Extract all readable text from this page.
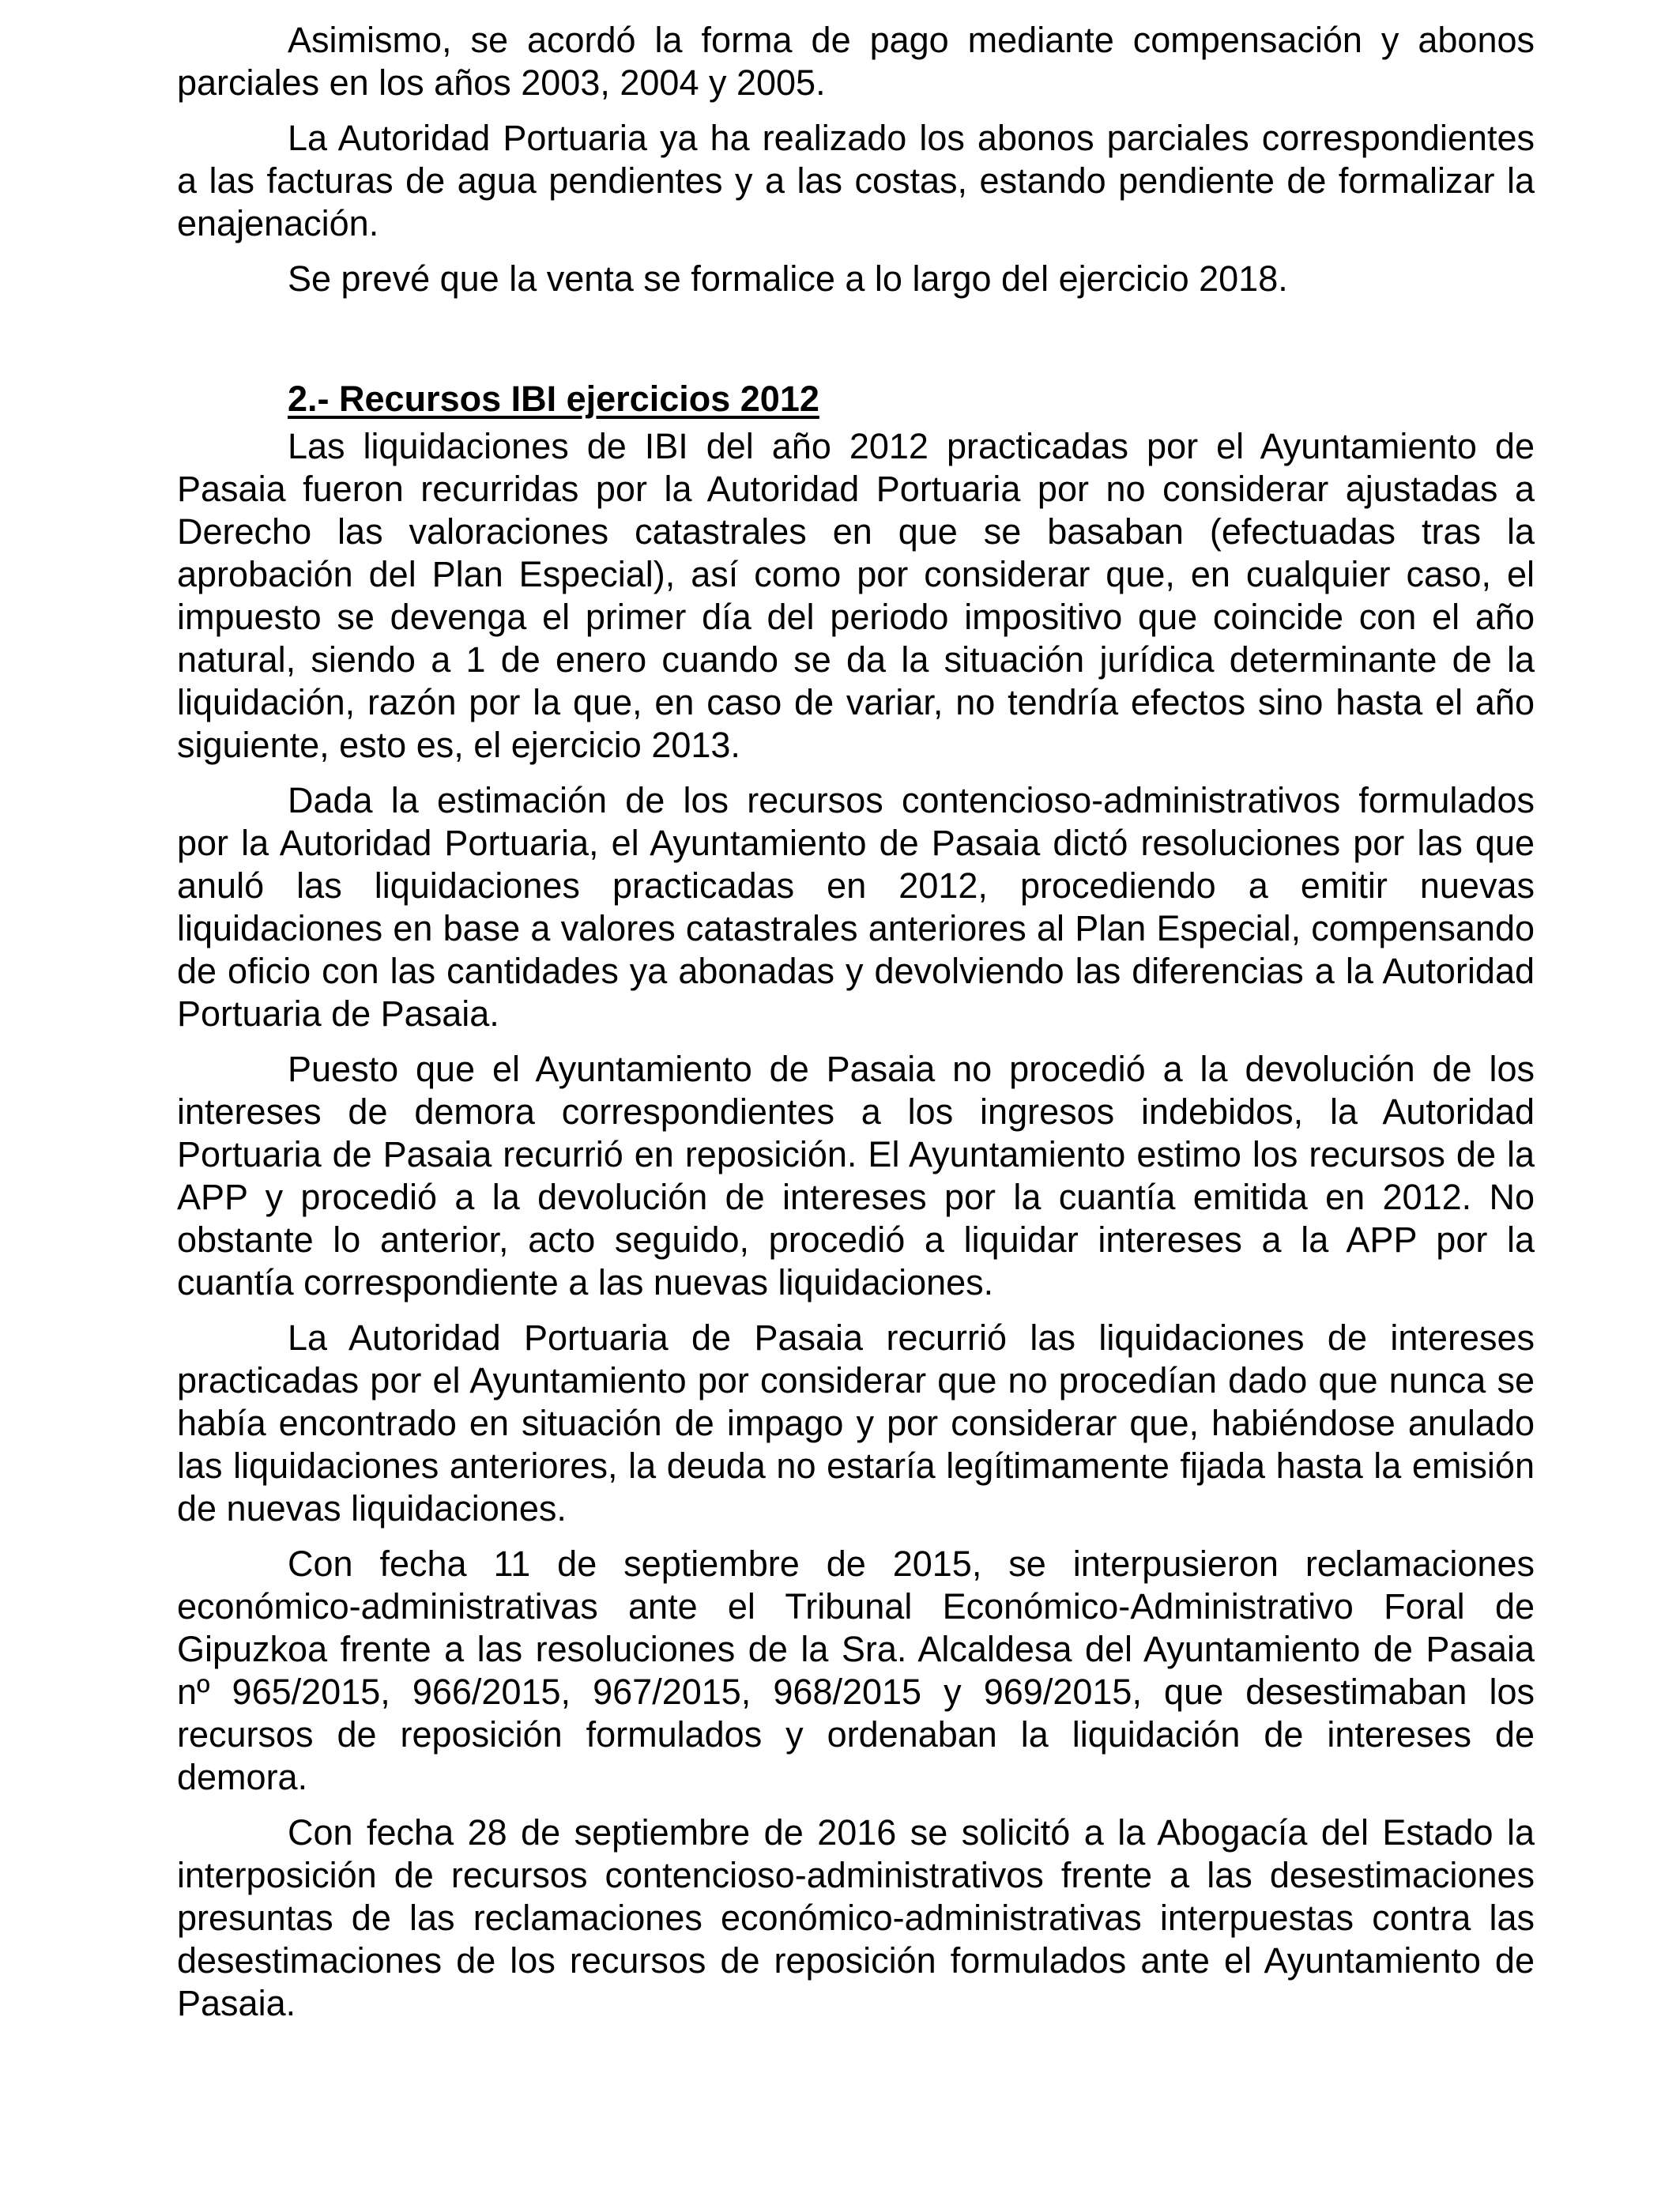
Asimismo, se acordó la forma de pago mediante compensación y abonos parciales en los años 2003, 2004 y 2005.

La Autoridad Portuaria ya ha realizado los abonos parciales correspondientes a las facturas de agua pendientes y a las costas, estando pendiente de formalizar la enajenación.

Se prevé que la venta se formalice a lo largo del ejercicio 2018.

2.- Recursos IBI ejercicios 2012

Las liquidaciones de IBI del año 2012 practicadas por el Ayuntamiento de Pasaia fueron recurridas por la Autoridad Portuaria por no considerar ajustadas a Derecho las valoraciones catastrales en que se basaban (efectuadas tras la aprobación del Plan Especial), así como por considerar que, en cualquier caso, el impuesto se devenga el primer día del periodo impositivo que coincide con el año natural, siendo a 1 de enero cuando se da la situación jurídica determinante de la liquidación, razón por la que, en caso de variar, no tendría efectos sino hasta el año siguiente, esto es, el ejercicio 2013.

Dada la estimación de los recursos contencioso-administrativos formulados por la Autoridad Portuaria, el Ayuntamiento de Pasaia dictó resoluciones por las que anuló las liquidaciones practicadas en 2012, procediendo a emitir nuevas liquidaciones en base a valores catastrales anteriores al Plan Especial, compensando de oficio con las cantidades ya abonadas y devolviendo las diferencias a la Autoridad Portuaria de Pasaia.

Puesto que el Ayuntamiento de Pasaia no procedió a la devolución de los intereses de demora correspondientes a los ingresos indebidos, la Autoridad Portuaria de Pasaia recurrió en reposición. El Ayuntamiento estimo los recursos de la APP y procedió a la devolución de intereses por la cuantía emitida en 2012. No obstante lo anterior, acto seguido, procedió a liquidar intereses a la APP por la cuantía correspondiente a las nuevas liquidaciones.

La Autoridad Portuaria de Pasaia recurrió las liquidaciones de intereses practicadas por el Ayuntamiento por considerar que no procedían dado que nunca se había encontrado en situación de impago y por considerar que, habiéndose anulado las liquidaciones anteriores, la deuda no estaría legítimamente fijada hasta la emisión de nuevas liquidaciones.

Con fecha 11 de septiembre de 2015, se interpusieron reclamaciones económico-administrativas ante el Tribunal Económico-Administrativo Foral de Gipuzkoa frente a las resoluciones de la Sra. Alcaldesa del Ayuntamiento de Pasaia nº 965/2015, 966/2015, 967/2015, 968/2015 y 969/2015, que desestimaban los recursos de reposición formulados y ordenaban la liquidación de intereses de demora.

Con fecha 28 de septiembre de 2016 se solicitó a la Abogacía del Estado la interposición de recursos contencioso-administrativos frente a las desestimaciones presuntas de las reclamaciones económico-administrativas interpuestas contra las desestimaciones de los recursos de reposición formulados ante el Ayuntamiento de Pasaia.
